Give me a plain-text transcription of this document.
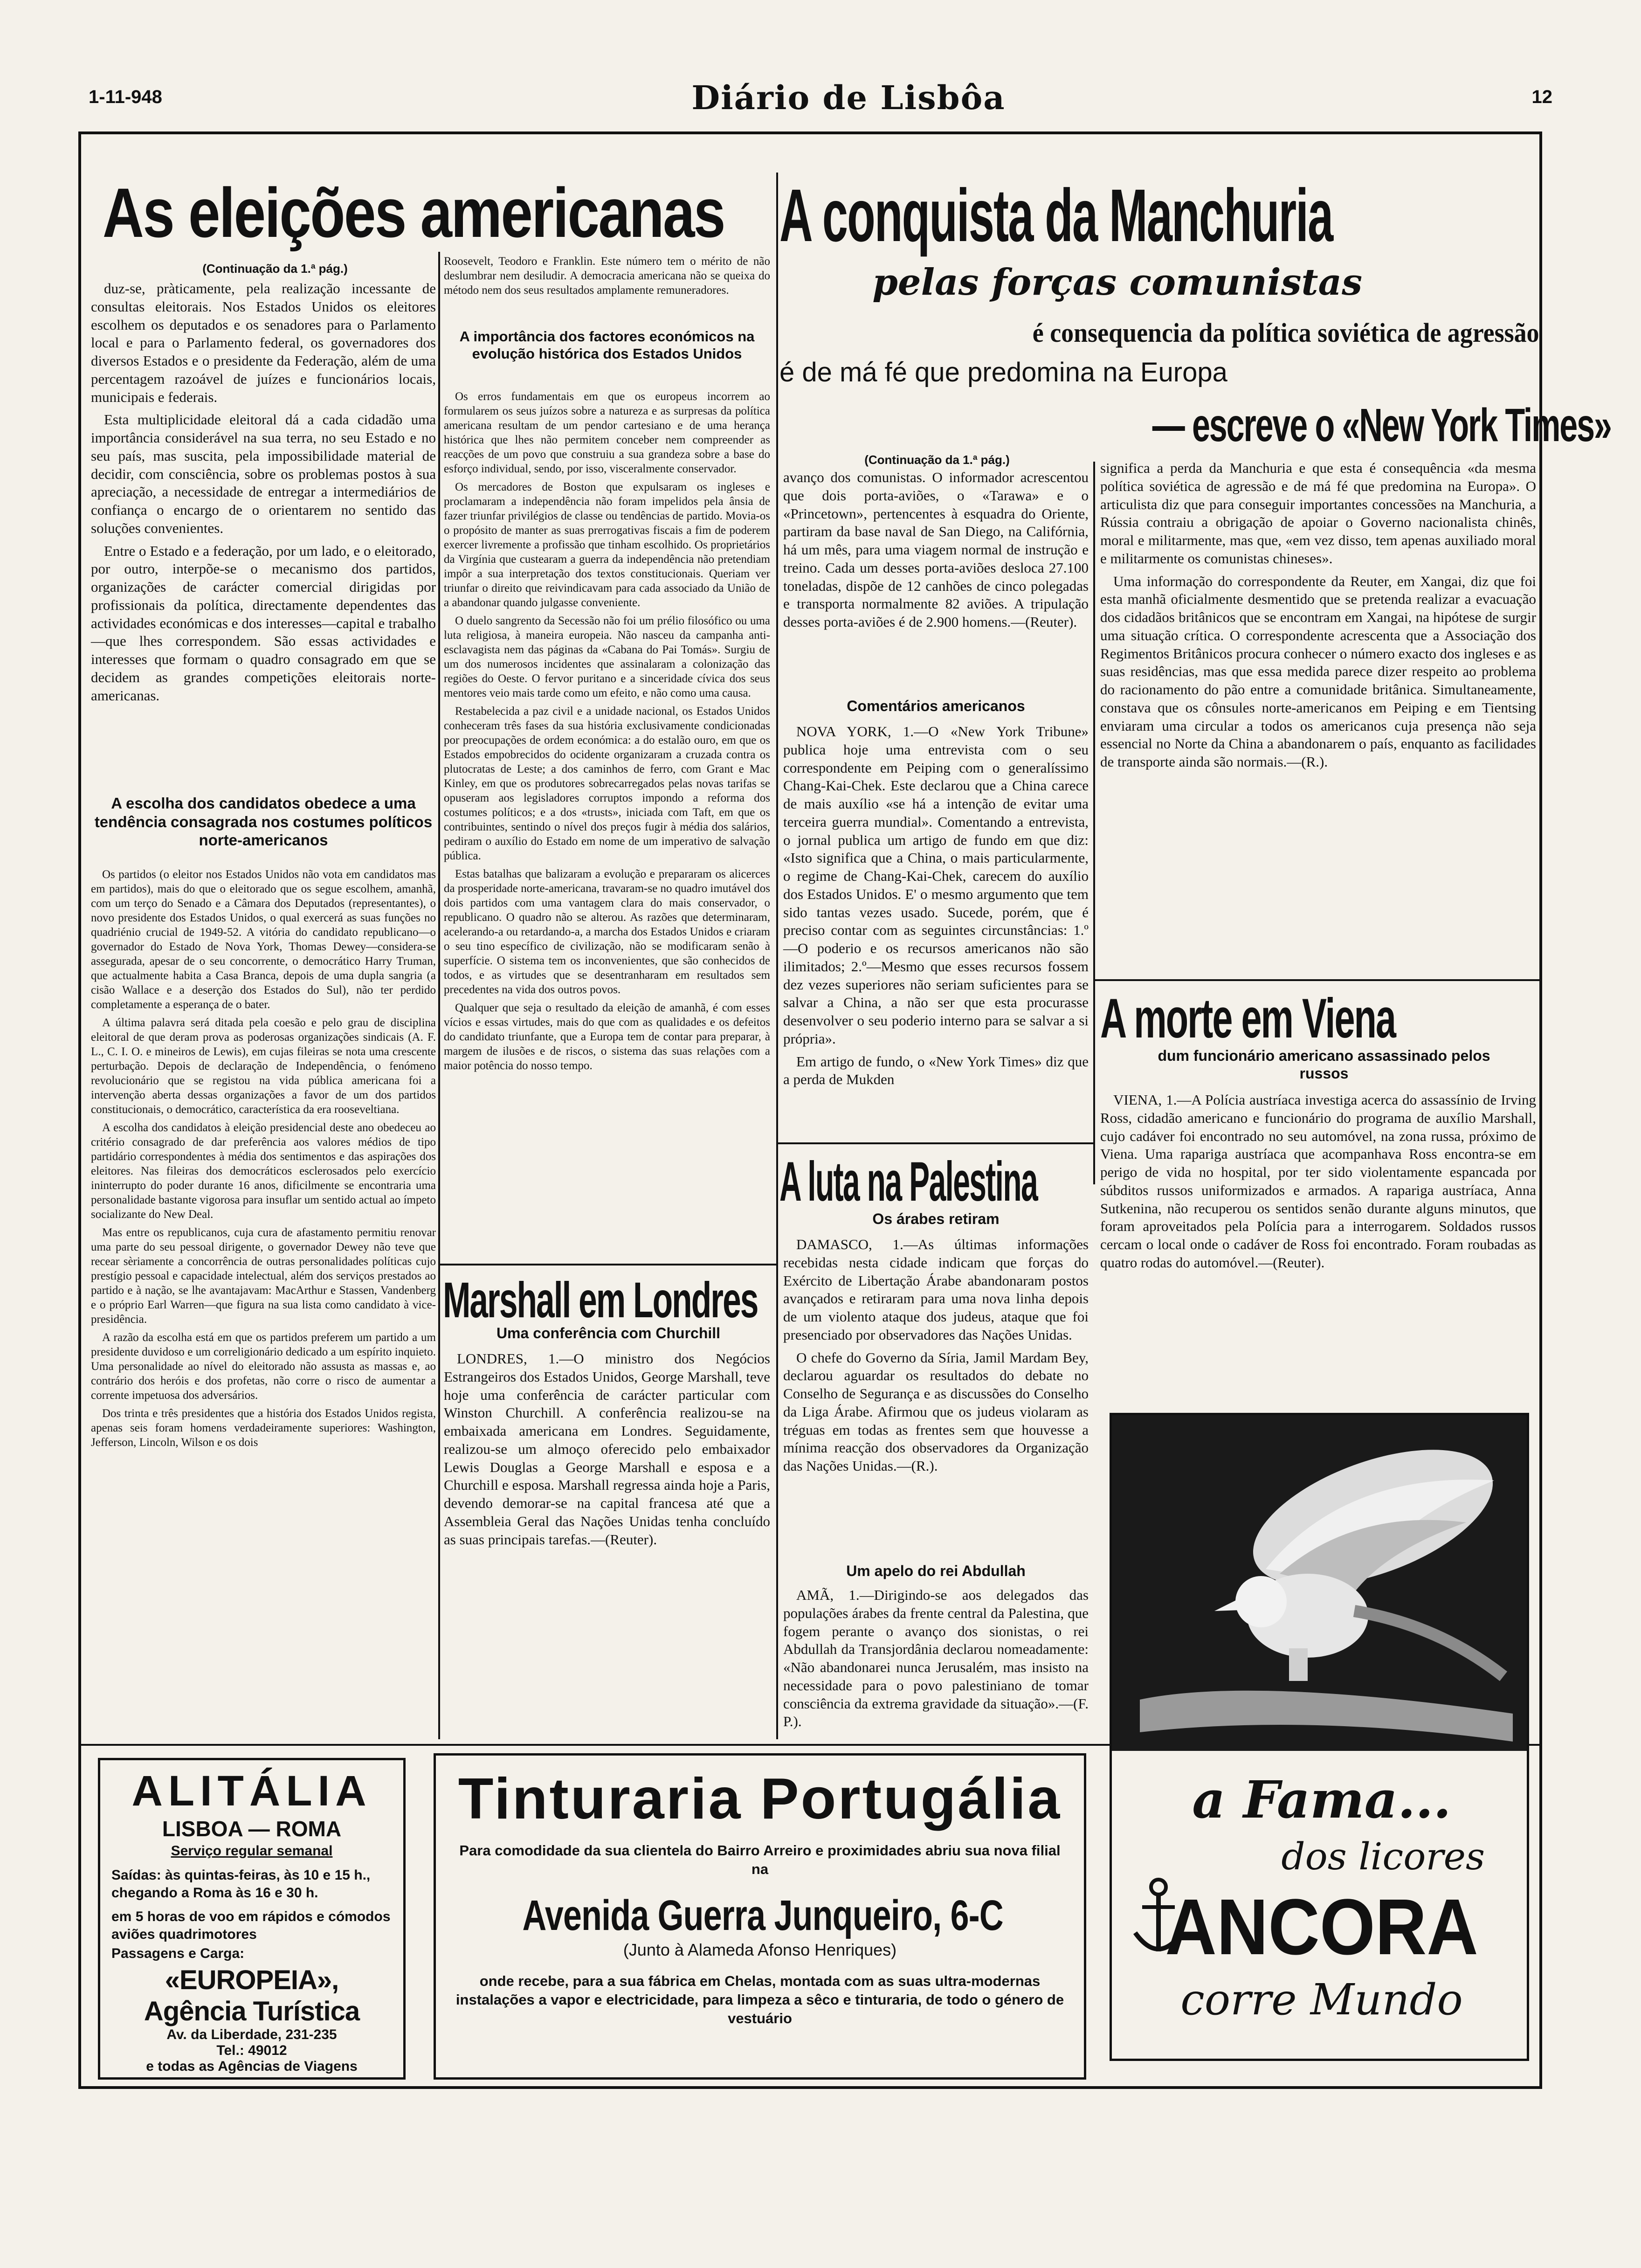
1-11-948	Diário de Lisbôa	12
As eleições americanas
(Continuação da 1.ª pág.)

duz-se, pràticamente, pela realização incessante de consultas eleitorais. Nos Estados Unidos os eleitores escolhem os deputados e os senadores para o Parlamento local e para o Parlamento federal, os governadores dos diversos Estados e o presidente da Federação, além de uma percentagem razoável de juízes e funcionários locais, municipais e federais.

Esta multiplicidade eleitoral dá a cada cidadão uma importância considerável na sua terra, no seu Estado e no seu país, mas suscita, pela impossibilidade material de decidir, com consciência, sobre os problemas postos à sua apreciação, a necessidade de entregar a intermediários de confiança o encargo de o orientarem no sentido das soluções convenientes.

Entre o Estado e a federação, por um lado, e o eleitorado, por outro, interpõe-se o mecanismo dos partidos, organizações de carácter comercial dirigidas por profissionais da política, directamente dependentes das actividades económicas e dos interesses—capital e trabalho—que lhes correspondem. São essas actividades e interesses que formam o quadro consagrado em que se decidem as grandes competições eleitorais norte-americanas.

A escolha dos candidatos obedece a uma tendência consagrada nos costumes políticos norte-americanos

Os partidos (o eleitor nos Estados Unidos não vota em candidatos mas em partidos), mais do que o eleitorado que os segue escolhem, amanhã, com um terço do Senado e a Câmara dos Deputados (representantes), o novo presidente dos Estados Unidos, o qual exercerá as suas funções no quadriénio crucial de 1949-52. A vitória do candidato republicano—o governador do Estado de Nova York, Thomas Dewey—considera-se assegurada, apesar de o seu concorrente, o democrático Harry Truman, que actualmente habita a Casa Branca, depois de uma dupla sangria (a cisão Wallace e a deserção dos Estados do Sul), não ter perdido completamente a esperança de o bater.

A última palavra será ditada pela coesão e pelo grau de disciplina eleitoral de que deram prova as poderosas organizações sindicais (A. F. L., C. I. O. e mineiros de Lewis), em cujas fileiras se nota uma crescente perturbação. Depois de declaração de Independência, o fenómeno revolucionário que se registou na vida pública americana foi a intervenção aberta dessas organizações a favor de um dos partidos constitucionais, o democrático, característica da era rooseveltiana.

A escolha dos candidatos à eleição presidencial deste ano obedeceu ao critério consagrado de dar preferência aos valores médios de tipo partidário correspondentes à média dos sentimentos e das aspirações dos eleitores. Nas fileiras dos democráticos esclerosados pelo exercício ininterrupto do poder durante 16 anos, dificilmente se encontraria uma personalidade bastante vigorosa para insuflar um sentido actual ao ímpeto socializante do New Deal.

Mas entre os republicanos, cuja cura de afastamento permitiu renovar uma parte do seu pessoal dirigente, o governador Dewey não teve que recear sèriamente a concorrência de outras personalidades políticas cujo prestígio pessoal e capacidade intelectual, além dos serviços prestados ao partido e à nação, se lhe avantajavam: MacArthur e Stassen, Vandenberg e o próprio Earl Warren—que figura na sua lista como candidato à vice-presidência.

A razão da escolha está em que os partidos preferem um partido a um presidente duvidoso e um correligionário dedicado a um espírito inquieto. Uma personalidade ao nível do eleitorado não assusta as massas e, ao contrário dos heróis e dos profetas, não corre o risco de aumentar a corrente impetuosa dos adversários.

Dos trinta e três presidentes que a história dos Estados Unidos regista, apenas seis foram homens verdadeiramente superiores: Washington, Jefferson, Lincoln, Wilson e os dois

Roosevelt, Teodoro e Franklin. Este número tem o mérito de não deslumbrar nem desiludir. A democracia americana não se queixa do método nem dos seus resultados amplamente remuneradores.

A importância dos factores económicos na evolução histórica dos Estados Unidos

Os erros fundamentais em que os europeus incorrem ao formularem os seus juízos sobre a natureza e as surpresas da política americana resultam de um pendor cartesiano e de uma herança histórica que lhes não permitem conceber nem compreender as reacções de um povo que construiu a sua grandeza sobre a base do esforço individual, sendo, por isso, visceralmente conservador.

Os mercadores de Boston que expulsaram os ingleses e proclamaram a independência não foram impelidos pela ânsia de fazer triunfar privilégios de classe ou tendências de partido. Movia-os o propósito de manter as suas prerrogativas fiscais a fim de poderem exercer livremente a profissão que tinham escolhido. Os proprietários da Virgínia que custearam a guerra da independência não pretendiam impôr a sua interpretação dos textos constitucionais. Queriam ver triunfar o direito que reivindicavam para cada associado da União de a abandonar quando julgasse conveniente.

O duelo sangrento da Secessão não foi um prélio filosófico ou uma luta religiosa, à maneira europeia. Não nasceu da campanha anti-esclavagista nem das páginas da «Cabana do Pai Tomás». Surgiu de um dos numerosos incidentes que assinalaram a colonização das regiões do Oeste. O fervor puritano e a sinceridade cívica dos seus mentores veio mais tarde como um efeito, e não como uma causa.

Restabelecida a paz civil e a unidade nacional, os Estados Unidos conheceram três fases da sua história exclusivamente condicionadas por preocupações de ordem económica: a do estalão ouro, em que os Estados empobrecidos do ocidente organizaram a cruzada contra os plutocratas de Leste; a dos caminhos de ferro, com Grant e Mac Kinley, em que os produtores sobrecarregados pelas novas tarifas se opuseram aos legisladores corruptos impondo a reforma dos costumes políticos; e a dos «trusts», iniciada com Taft, em que os contribuintes, sentindo o nível dos preços fugir à média dos salários, pediram o auxílio do Estado em nome de um imperativo de salvação pública.

Estas batalhas que balizaram a evolução e prepararam os alicerces da prosperidade norte-americana, travaram-se no quadro imutável dos dois partidos com uma vantagem clara do mais conservador, o republicano. O quadro não se alterou. As razões que determinaram, acelerando-a ou retardando-a, a marcha dos Estados Unidos e criaram o seu tino específico de civilização, não se modificaram senão à superfície. O sistema tem os inconvenientes, que são conhecidos de todos, e as virtudes que se desentranharam em resultados sem precedentes na vida dos outros povos.

Qualquer que seja o resultado da eleição de amanhã, é com esses vícios e essas virtudes, mais do que com as qualidades e os defeitos do candidato triunfante, que a Europa tem de contar para preparar, à margem de ilusões e de riscos, o sistema das suas relações com a maior potência do nosso tempo.

Marshall em Londres
Uma conferência com Churchill

LONDRES, 1.—O ministro dos Negócios Estrangeiros dos Estados Unidos, George Marshall, teve hoje uma conferência de carácter particular com Winston Churchill. A conferência realizou-se na embaixada americana em Londres. Seguidamente, realizou-se um almoço oferecido pelo embaixador Lewis Douglas a George Marshall e esposa e a Churchill e esposa. Marshall regressa ainda hoje a Paris, devendo demorar-se na capital francesa até que a Assembleia Geral das Nações Unidas tenha concluído as suas principais tarefas.—(Reuter).

A conquista da Manchuria
pelas forças comunistas
é consequencia da política soviética de agressão
é de má fé que predomina na Europa
— escreve o «New York Times»
(Continuação da 1.ª pág.)

avanço dos comunistas. O informador acrescentou que dois porta-aviões, o «Tarawa» e o «Princetown», pertencentes à esquadra do Oriente, partiram da base naval de San Diego, na Califórnia, há um mês, para uma viagem normal de instrução e treino. Cada um desses porta-aviões desloca 27.100 toneladas, dispõe de 12 canhões de cinco polegadas e transporta normalmente 82 aviões. A tripulação desses porta-aviões é de 2.900 homens.—(Reuter).

Comentários americanos

NOVA YORK, 1.—O «New York Tribune» publica hoje uma entrevista com o seu correspondente em Peiping com o generalíssimo Chang-Kai-Chek. Este declarou que a China carece de mais auxílio «se há a intenção de evitar uma terceira guerra mundial». Comentando a entrevista, o jornal publica um artigo de fundo em que diz: «Isto significa que a China, o mais particularmente, o regime de Chang-Kai-Chek, carecem do auxílio dos Estados Unidos. E' o mesmo argumento que tem sido tantas vezes usado. Sucede, porém, que é preciso contar com as seguintes circunstâncias: 1.º—O poderio e os recursos americanos não são ilimitados; 2.º—Mesmo que esses recursos fossem dez vezes superiores não seriam suficientes para se salvar a China, a não ser que esta procurasse desenvolver o seu poderio interno para se salvar a si própria».

Em artigo de fundo, o «New York Times» diz que a perda de Mukden

significa a perda da Manchuria e que esta é consequência «da mesma política soviética de agressão e de má fé que predomina na Europa». O articulista diz que para conseguir importantes concessões na Manchuria, a Rússia contraiu a obrigação de apoiar o Governo nacionalista chinês, moral e militarmente, mas que, «em vez disso, tem apenas auxiliado moral e militarmente os comunistas chineses».

Uma informação do correspondente da Reuter, em Xangai, diz que foi esta manhã oficialmente desmentido que se pretenda realizar a evacuação dos cidadãos britânicos que se encontram em Xangai, na hipótese de surgir uma situação crítica. O correspondente acrescenta que a Associação dos Regimentos Britânicos procura conhecer o número exacto dos ingleses e as suas residências, mas que essa medida parece dizer respeito ao problema do racionamento do pão entre a comunidade britânica. Simultaneamente, constava que os cônsules norte-americanos em Peiping e em Tientsing enviaram uma circular a todos os americanos cuja presença não seja essencial no Norte da China a abandonarem o país, enquanto as facilidades de transporte ainda são normais.—(R.).

A luta na Palestina
Os árabes retiram

DAMASCO, 1.—As últimas informações recebidas nesta cidade indicam que forças do Exército de Libertação Árabe abandonaram postos avançados e retiraram para uma nova linha depois de um violento ataque dos judeus, ataque que foi presenciado por observadores das Nações Unidas.

O chefe do Governo da Síria, Jamil Mardam Bey, declarou aguardar os resultados do debate no Conselho de Segurança e as discussões do Conselho da Liga Árabe. Afirmou que os judeus violaram as tréguas em todas as frentes sem que houvesse a mínima reacção dos observadores da Organização das Nações Unidas.—(R.).

Um apelo do rei Abdullah

AMÃ, 1.—Dirigindo-se aos delegados das populações árabes da frente central da Palestina, que fogem perante o avanço dos sionistas, o rei Abdullah da Transjordânia declarou nomeadamente: «Não abandonarei nunca Jerusalém, mas insisto na necessidade para o povo palestiniano de tomar consciência da extrema gravidade da situação».—(F. P.).

A morte em Viena
dum funcionário americano assassinado pelos russos

VIENA, 1.—A Polícia austríaca investiga acerca do assassínio de Irving Ross, cidadão americano e funcionário do programa de auxílio Marshall, cujo cadáver foi encontrado no seu automóvel, na zona russa, próximo de Viena. Uma rapariga austríaca que acompanhava Ross encontra-se em perigo de vida no hospital, por ter sido violentamente espancada por súbditos russos uniformizados e armados. A rapariga austríaca, Anna Sutkenina, não recuperou os sentidos senão durante alguns minutos, que foram aproveitados pela Polícia para a interrogarem. Soldados russos cercam o local onde o cadáver de Ross foi encontrado. Foram roubadas as quatro rodas do automóvel.—(Reuter).

a Fama...
dos licores
ANCORA
corre Mundo
ALITÁLIA
LISBOA — ROMA
Serviço regular semanal
Saídas: às quintas-feiras, às 10 e 15 h., chegando a Roma às 16 e 30 h.
em 5 horas de voo em rápidos e cómodos aviões quadrimotores
Passagens e Carga:
«EUROPEIA», Agência Turística
Av. da Liberdade, 231-235
Tel.: 49012
e todas as Agências de Viagens
Tinturaria Portugália
Para comodidade da sua clientela do Bairro Arreiro e proximidades abriu sua nova filial na
Avenida Guerra Junqueiro, 6-C
(Junto à Alameda Afonso Henriques)
onde recebe, para a sua fábrica em Chelas, montada com as suas ultra-modernas instalações a vapor e electricidade, para limpeza a sêco e tinturaria, de todo o género de vestuário
